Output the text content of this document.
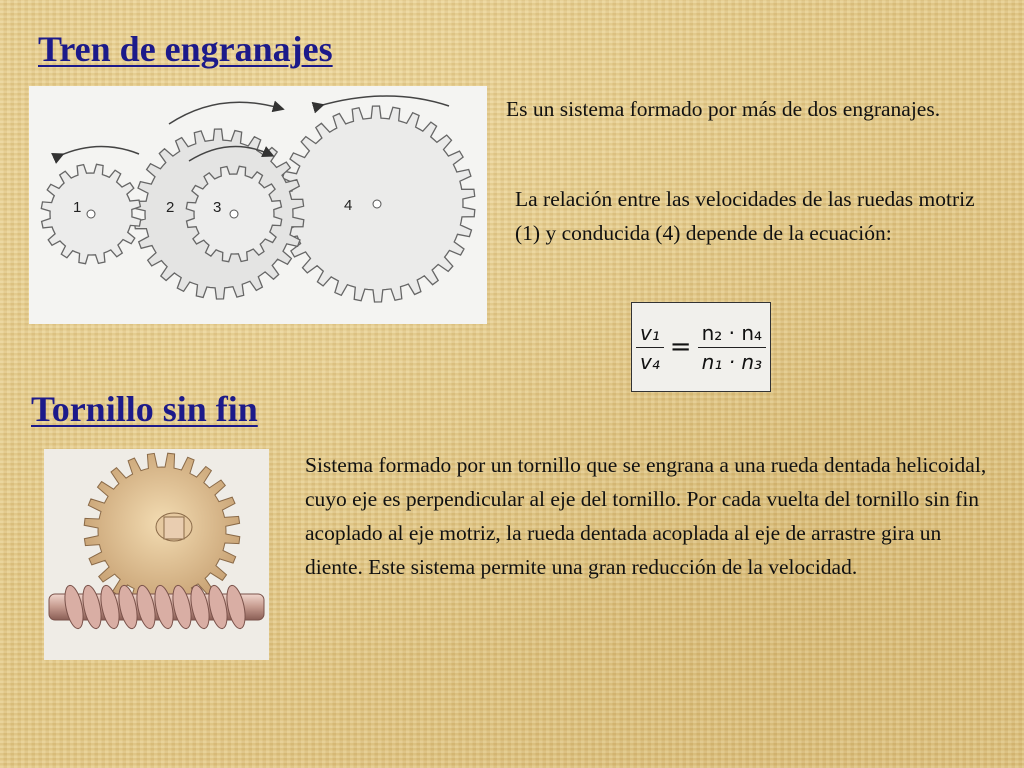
Tren de engranajes
1	2	3	4
Es un sistema formado por más de dos engranajes.
La relación entre las velocidades de las ruedas motriz (1) y conducida (4) depende de la ecuación:
$\frac{\text{v₁}}{\text{v₄}} = \frac{\text{n₂ · n₄}}{\text{n₁ · n₃}}$
Tornillo sin fin
Sistema formado por un tornillo que se engrana a una rueda dentada helicoidal, cuyo eje es perpendicular al eje del tornillo. Por cada vuelta del tornillo sin fin acoplado al eje motriz, la rueda dentada acoplada al eje de arrastre gira un diente. Este sistema permite una gran reducción de la velocidad.
